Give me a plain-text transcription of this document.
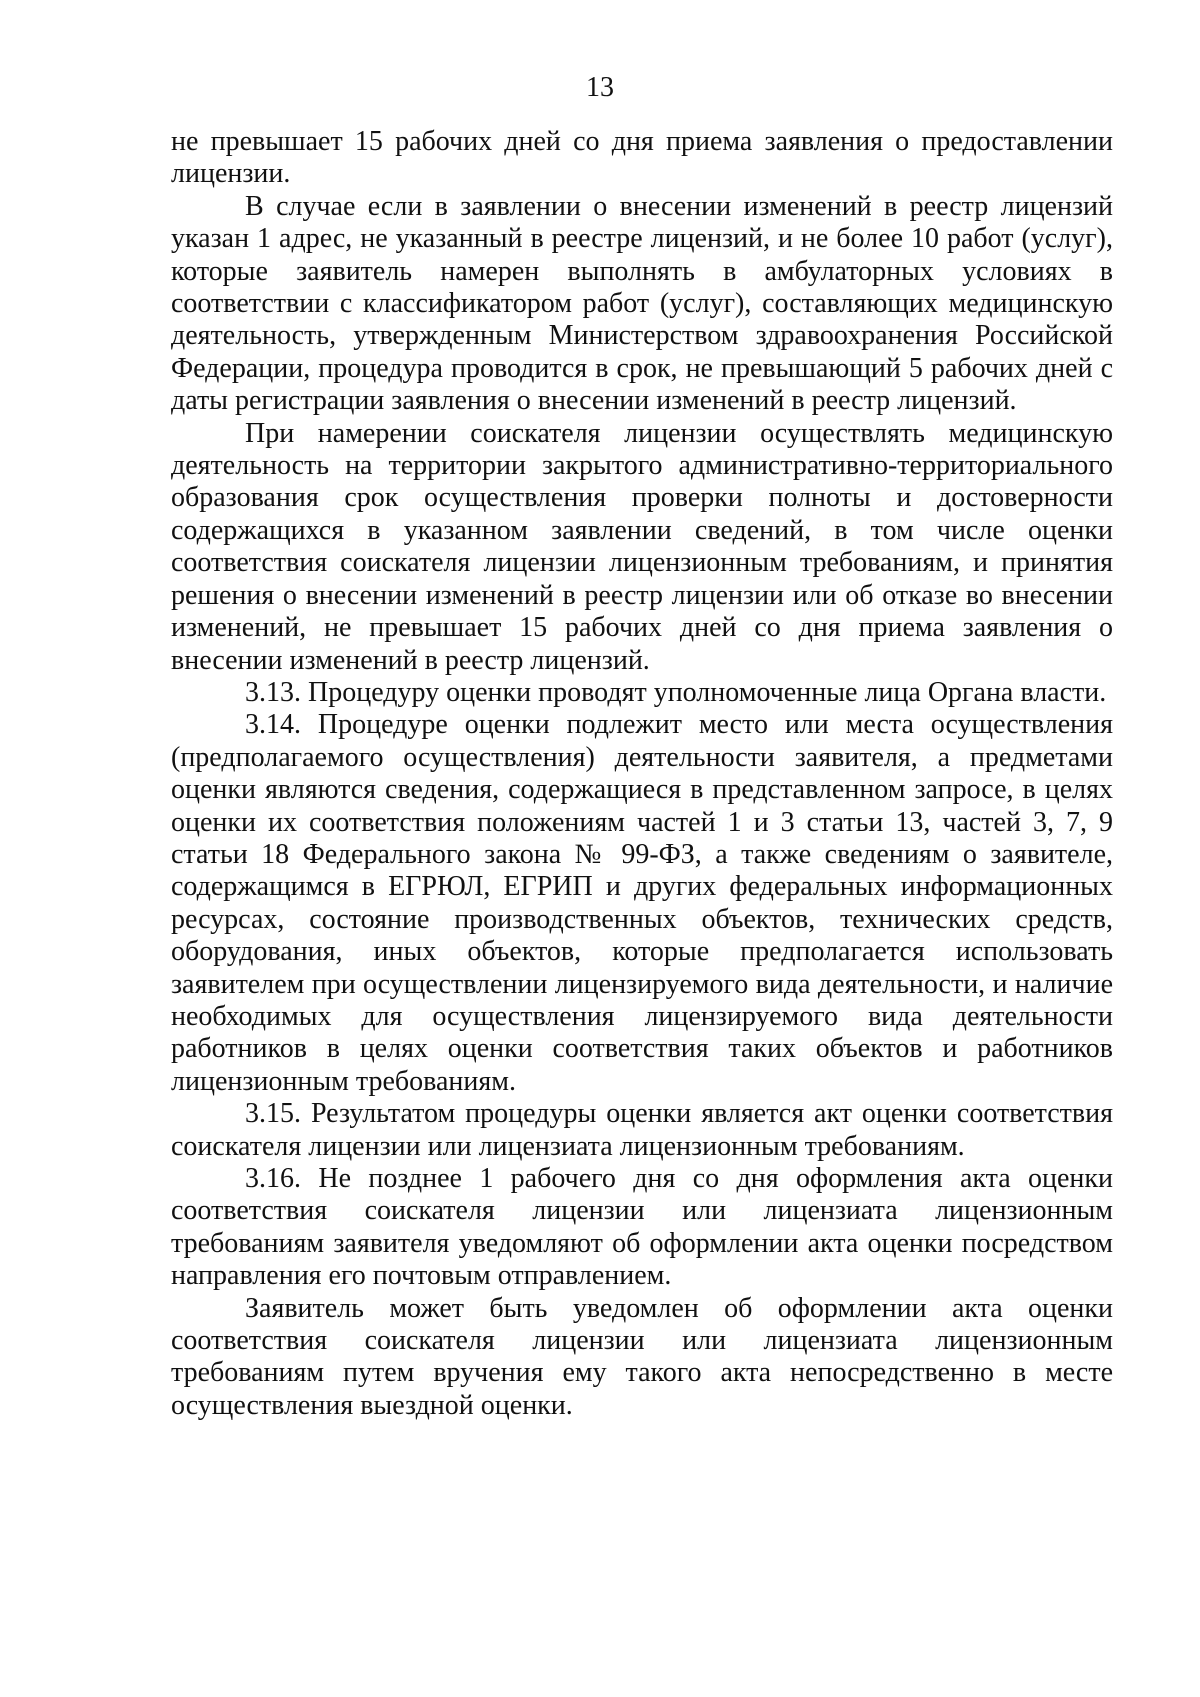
13

не превышает 15 рабочих дней со дня приема заявления о предоставлении лицензии.

В случае если в заявлении о внесении изменений в реестр лицензий указан 1 адрес, не указанный в реестре лицензий, и не более 10 работ (услуг), которые заявитель намерен выполнять в амбулаторных условиях в соответствии с классификатором работ (услуг), составляющих медицинскую деятельность, утвержденным Министерством здравоохранения Российской Федерации, процедура проводится в срок, не превышающий 5 рабочих дней с даты регистрации заявления о внесении изменений в реестр лицензий.

При намерении соискателя лицензии осуществлять медицинскую деятельность на территории закрытого административно-территориального образования срок осуществления проверки полноты и достоверности содержащихся в указанном заявлении сведений, в том числе оценки соответствия соискателя лицензии лицензионным требованиям, и принятия решения о внесении изменений в реестр лицензии или об отказе во внесении изменений, не превышает 15 рабочих дней со дня приема заявления о внесении изменений в реестр лицензий.

3.13. Процедуру оценки проводят уполномоченные лица Органа власти.

3.14. Процедуре оценки подлежит место или места осуществления (предполагаемого осуществления) деятельности заявителя, а предметами оценки являются сведения, содержащиеся в представленном запросе, в целях оценки их соответствия положениям частей 1 и 3 статьи 13, частей 3, 7, 9 статьи 18 Федерального закона № 99-ФЗ, а также сведениям о заявителе, содержащимся в ЕГРЮЛ, ЕГРИП и других федеральных информационных ресурсах, состояние производственных объектов, технических средств, оборудования, иных объектов, которые предполагается использовать заявителем при осуществлении лицензируемого вида деятельности, и наличие необходимых для осуществления лицензируемого вида деятельности работников в целях оценки соответствия таких объектов и работников лицензионным требованиям.

3.15. Результатом процедуры оценки является акт оценки соответствия соискателя лицензии или лицензиата лицензионным требованиям.

3.16. Не позднее 1 рабочего дня со дня оформления акта оценки соответствия соискателя лицензии или лицензиата лицензионным требованиям заявителя уведомляют об оформлении акта оценки посредством направления его почтовым отправлением.

Заявитель может быть уведомлен об оформлении акта оценки соответствия соискателя лицензии или лицензиата лицензионным требованиям путем вручения ему такого акта непосредственно в месте осуществления выездной оценки.
